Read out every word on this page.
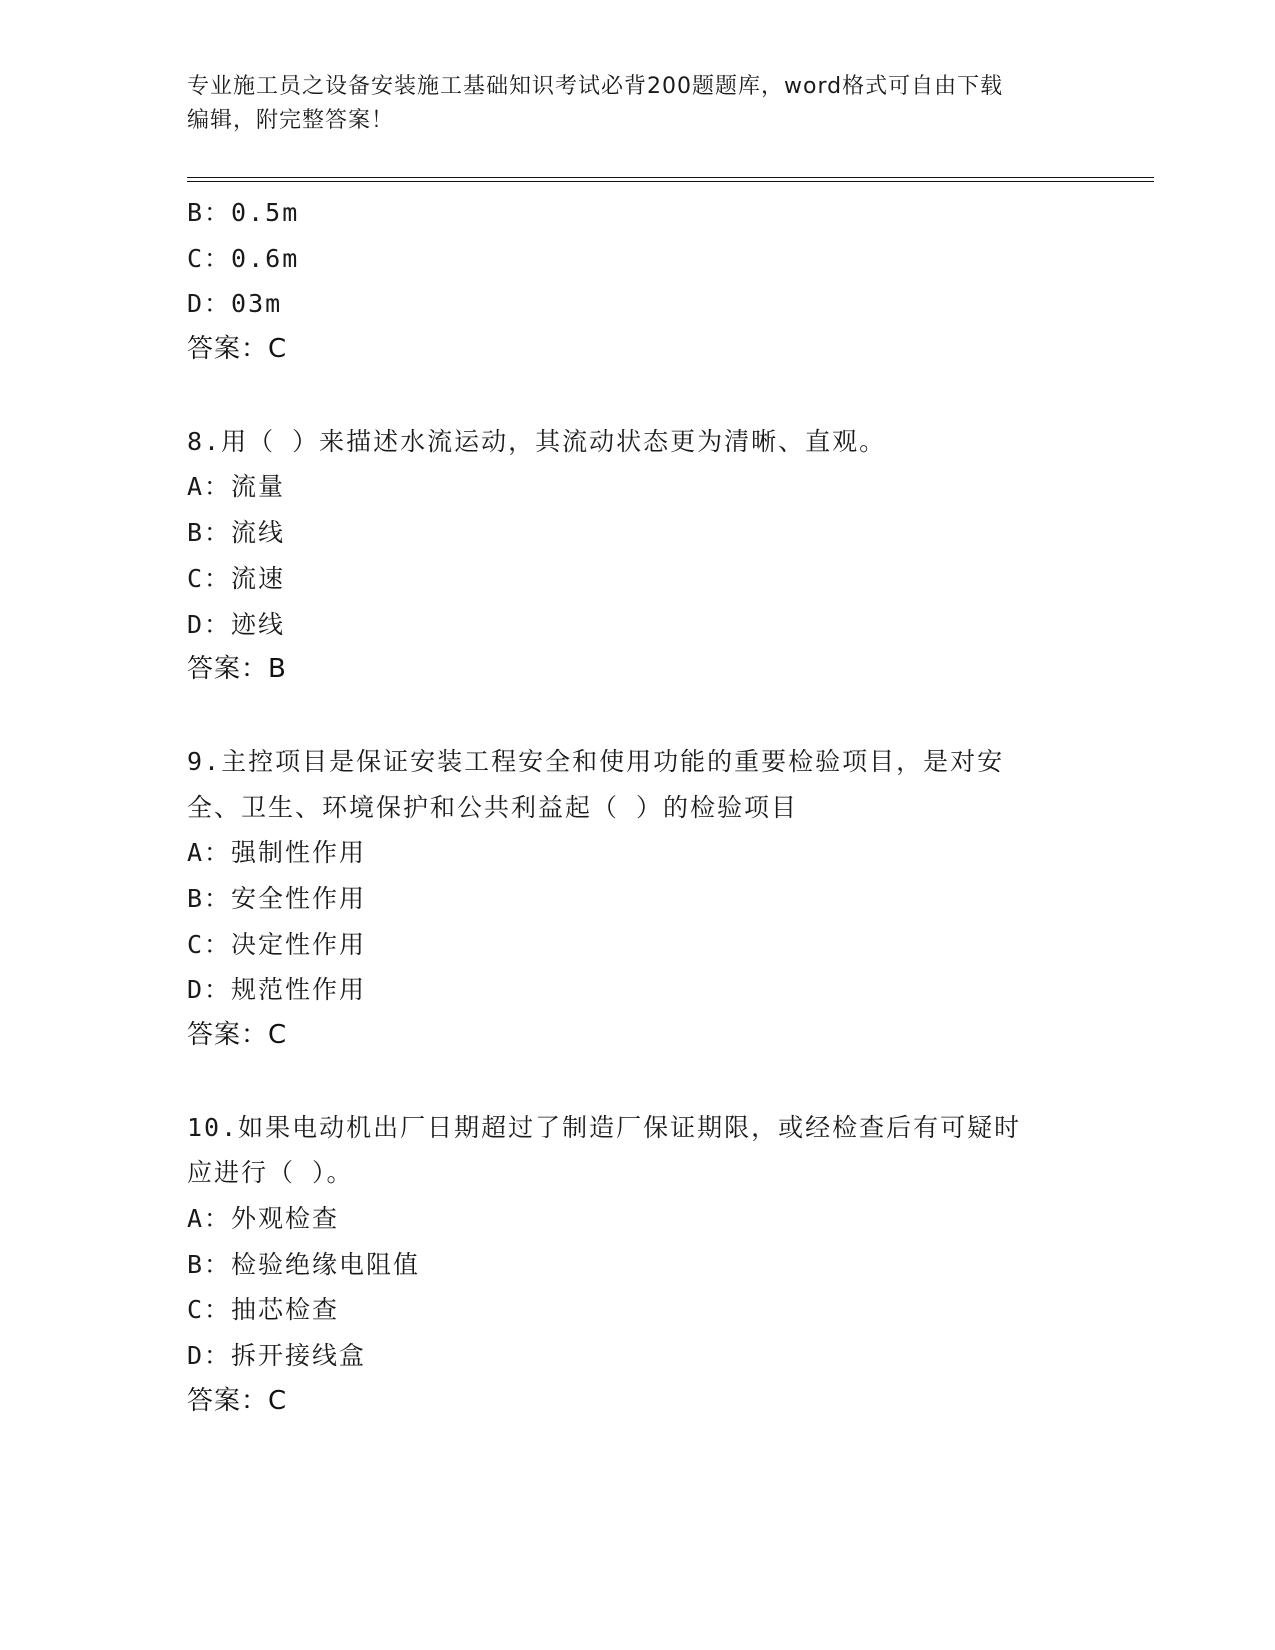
专业施工员之设备安装施工基础知识考试必背200题题库，word格式可自由下载
编辑，附完整答案！
B：0.5m
C：0.6m
D：03m
答案：C
8.用（ ）来描述水流运动，其流动状态更为清晰、直观。
A：流量
B：流线
C：流速
D：迹线
答案：B
9.主控项目是保证安装工程安全和使用功能的重要检验项目，是对安
全、卫生、环境保护和公共利益起（ ）的检验项目
A：强制性作用
B：安全性作用
C：决定性作用
D：规范性作用
答案：C
10.如果电动机出厂日期超过了制造厂保证期限，或经检查后有可疑时
应进行（ ）。
A：外观检查
B：检验绝缘电阻值
C：抽芯检查
D：拆开接线盒
答案：C
